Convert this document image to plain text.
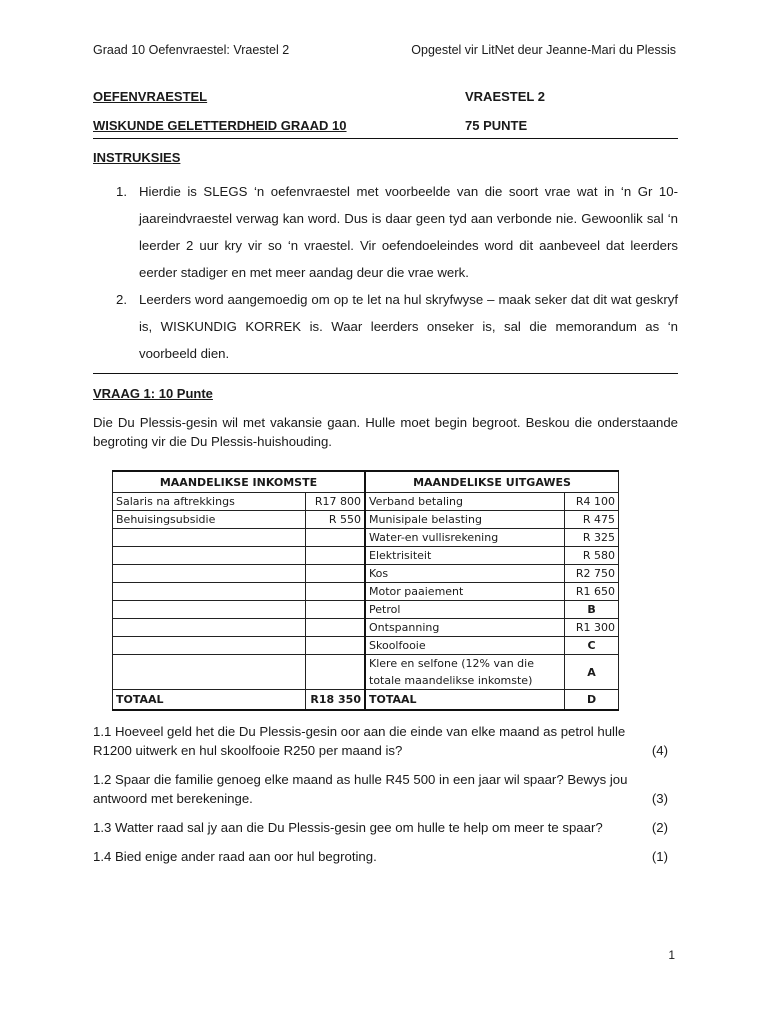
Graad 10 Oefenvraestel: Vraestel 2	Opgestel vir LitNet deur Jeanne-Mari du Plessis
OEFENVRAESTEL	VRAESTEL 2
WISKUNDE GELETTERDHEID GRAAD 10	75 PUNTE
INSTRUKSIES
1. Hierdie is SLEGS ‘n oefenvraestel met voorbeelde van die soort vrae wat in ‘n Gr 10-jaareindvraestel verwag kan word. Dus is daar geen tyd aan verbonde nie. Gewoonlik sal ‘n leerder 2 uur kry vir so ‘n vraestel. Vir oefendoeleindes word dit aanbeveel dat leerders eerder stadiger en met meer aandag deur die vrae werk.
2. Leerders word aangemoedig om op te let na hul skryfwyse – maak seker dat dit wat geskryf is, WISKUNDIG KORREK is. Waar leerders onseker is, sal die memorandum as ‘n voorbeeld dien.
VRAAG 1: 10 Punte
Die Du Plessis-gesin wil met vakansie gaan. Hulle moet begin begroot. Beskou die onderstaande begroting vir die Du Plessis-huishouding.
MAANDELIKSE INKOMSTE		MAANDELIKSE UITGAWES	
Salaris na aftrekkings	R17 800	Verband betaling	R4 100
Behuisingsubsidie	R 550	Munisipale belasting	R 475
		Water-en vullisrekening	R 325
		Elektrisiteit	R 580
		Kos	R2 750
		Motor paaiement	R1 650
		Petrol	B
		Ontspanning	R1 300
		Skoolfooie	C
		Klere en selfone (12% van die totale maandelikse inkomste)	A
TOTAAL	R18 350	TOTAAL	D
1.1 Hoeveel geld het die Du Plessis-gesin oor aan die einde van elke maand as petrol hulle R1200 uitwerk en hul skoolfooie R250 per maand is?	(4)
1.2 Spaar die familie genoeg elke maand as hulle R45 500 in een jaar wil spaar? Bewys jou antwoord met berekeninge.	(3)
1.3 Watter raad sal jy aan die Du Plessis-gesin gee om hulle te help om meer te spaar?	(2)
1.4 Bied enige ander raad aan oor hul begroting.	(1)
1
